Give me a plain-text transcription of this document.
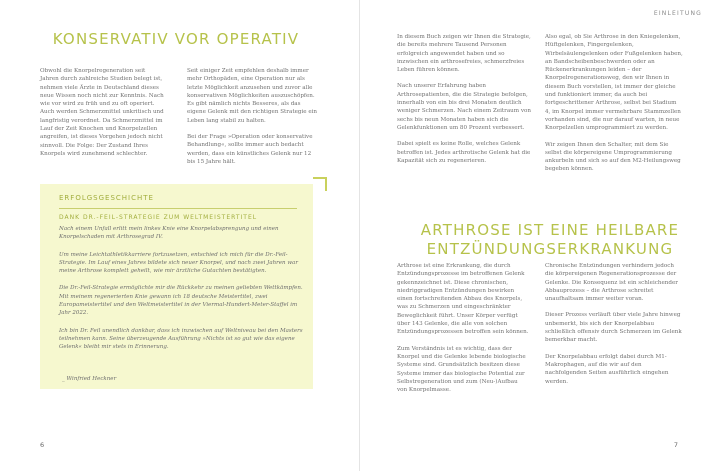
KONSERVATIV VOR OPERATIV

Obwohl die Knorpelregeneration seit Jahren durch zahlreiche Studien belegt ist, nehmen viele Ärzte in Deutschland dieses neue Wissen noch nicht zur Kenntnis. Nach wie vor wird zu früh und zu oft operiert. Auch werden Schmerzmittel unkritisch und langfristig verordnet. Da Schmerzmittel im Lauf der Zeit Knochen und Knorpelzellen angreifen, ist dieses Vorgehen jedoch nicht sinnvoll. Die Folge: Der Zustand Ihres Knorpels wird zunehmend schlechter.

Seit einiger Zeit empfehlen deshalb immer mehr Orthopäden, eine Operation nur als letzte Möglichkeit anzusehen und zuvor alle konservativen Möglichkeiten auszuschöpfen. Es gibt nämlich nichts Besseres, als das eigene Gelenk mit den richtigen Strategie ein Leben lang stabil zu halten.

Bei der Frage »Operation oder konservative Behandlung«, sollte immer auch bedacht werden, dass ein künstliches Gelenk nur 12 bis 15 Jahre hält.

ERFOLGSGESCHICHTE
DANK DR.-FEIL-STRATEGIE ZUM WELTMEISTERTITEL

Nach einem Unfall erlitt mein linkes Knie eine Knorpelabsprengung und einen Knorpelschaden mit Arthrosegrad IV.

Um meine Leichtathletikkarriere fortzusetzen, entschied ich mich für die Dr.-Feil-Strategie. Im Lauf eines Jahres bildete sich neuer Knorpel, und nach zwei Jahren war meine Arthrose komplett geheilt, wie mir ärztliche Gutachten bestätigten.

Die Dr.-Feil-Strategie ermöglichte mir die Rückkehr zu meinen geliebten Wettkämpfen. Mit meinem regenerierten Knie gewann ich 18 deutsche Meistertitel, zwei Europameistertitel und den Weltmeistertitel in der Viermal-Hundert-Meter-Staffel im Jahr 2022.

Ich bin Dr. Feil unendlich dankbar, dass ich inzwischen auf Weltniveau bei den Masters teilnehmen kann. Seine überzeugende Ausführung »Nichts ist so gut wie das eigene Gelenk« bleibt mir stets in Erinnerung.

_ Winfried Heckner
6
EINLEITUNG

In diesem Buch zeigen wir Ihnen die Strategie, die bereits mehrere Tausend Personen erfolgreich angewendet haben und so inzwischen ein arthrosefreies, schmerzfreies Leben führen können.

Nach unserer Erfahrung haben Arthrosepatienten, die die Strategie befolgen, innerhalb von ein bis drei Monaten deutlich weniger Schmerzen. Nach einem Zeitraum von sechs bis neun Monaten haben sich die Gelenkfunktionen um 80 Prozent verbessert.

Dabei spielt es keine Rolle, welches Gelenk betroffen ist. Jedes arthrotische Gelenk hat die Kapazität sich zu regenerieren.

Also egal, ob Sie Arthrose in den Kniegelenken, Hüftgelenken, Fingergelenken, Wirbelsäulengelenken oder Fußgelenken haben, an Bandscheibenbeschwerden oder an Rückenerkrankungen leiden – der Knorpelregenerationsweg, den wir Ihnen in diesem Buch vorstellen, ist immer der gleiche und funktioniert immer, da auch bei fortgeschrittener Arthrose, selbst bei Stadium 4, im Knorpel immer vermehrbare Stammzellen vorhanden sind, die nur darauf warten, in neue Knorpelzellen umprogrammiert zu werden.

Wir zeigen Ihnen den Schalter, mit dem Sie selbst die körpereigene Umprogrammierung ankurbeln und sich so auf den M2-Heilungsweg begeben können.

ARTHROSE IST EINE HEILBARE ENTZÜNDUNGSERKRANKUNG

Arthrose ist eine Erkrankung, die durch Entzündungsprozesse im betroffenen Gelenk gekennzeichnet ist. Diese chronischen, niedriggradigen Entzündungen bewirken einen fortschreitenden Abbau des Knorpels, was zu Schmerzen und eingeschränkter Beweglichkeit führt. Unser Körper verfügt über 143 Gelenke, die alle von solchen Entzündungsprozessen betroffen sein können.

Zum Verständnis ist es wichtig, dass der Knorpel und die Gelenke lebende biologische Systeme sind. Grundsätzlich besitzen diese Systeme immer das biologische Potential zur Selbstregeneration und zum (Neu-)Aufbau von Knorpelmasse.

Chronische Entzündungen verhindern jedoch die körpereigenen Regenerationsprozesse der Gelenke. Die Konsequenz ist ein schleichender Abbauprozess – die Arthrose schreitet unaufhaltsam immer weiter voran.

Dieser Prozess verläuft über viele Jahre hinweg unbemerkt, bis sich der Knorpelabbau schließlich offensiv durch Schmerzen im Gelenk bemerkbar macht.

Der Knorpelabbau erfolgt dabei durch M1-Makrophagen, auf die wir auf den nachfolgenden Seiten ausführlich eingehen werden.

7
